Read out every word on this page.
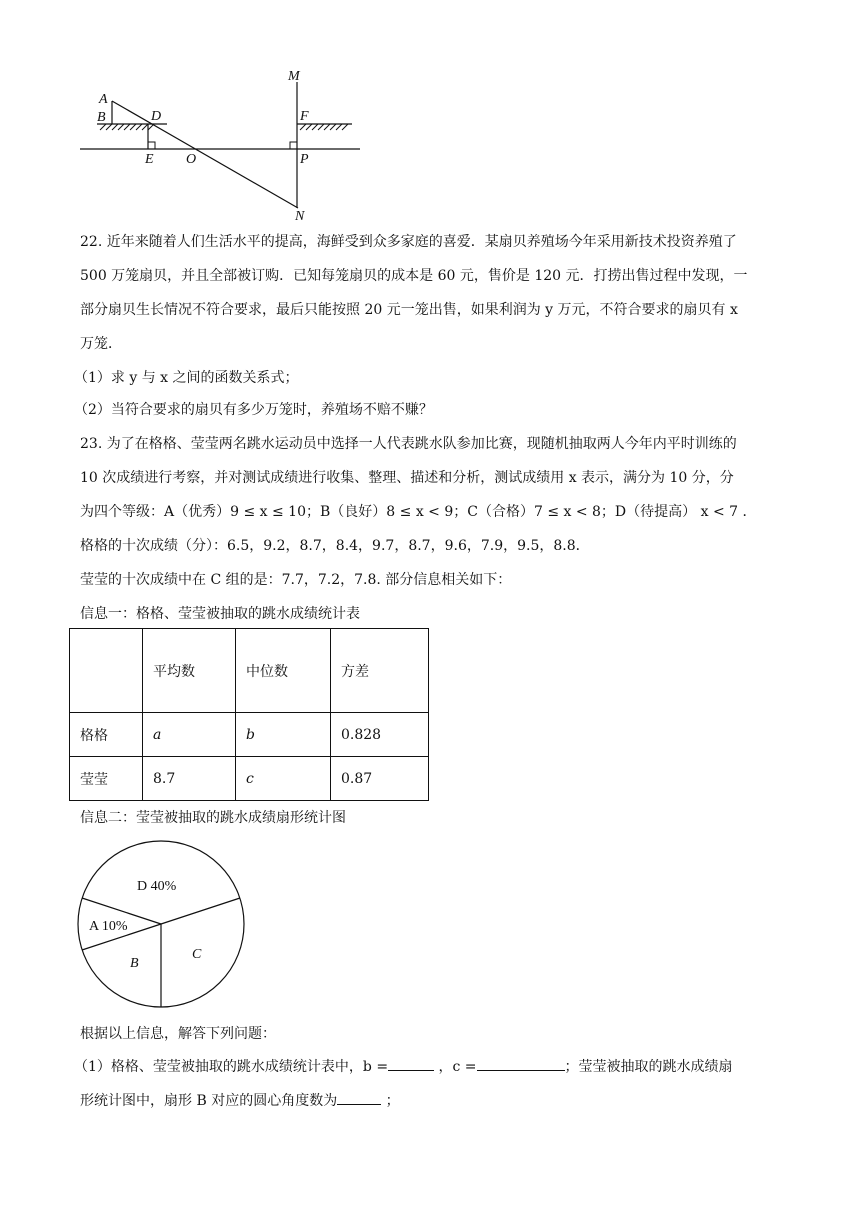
A
B	D
E O
M
F
P
N
22. 近年来随着人们生活水平的提高，海鲜受到众多家庭的喜爱．某扇贝养殖场今年采用新技术投资养殖了
500 万笼扇贝，并且全部被订购．已知每笼扇贝的成本是 60 元，售价是 120 元．打捞出售过程中发现，一
部分扇贝生长情况不符合要求，最后只能按照 20 元一笼出售，如果利润为 y 万元，不符合要求的扇贝有 x
万笼．
（1）求 y 与 x 之间的函数关系式；
（2）当符合要求的扇贝有多少万笼时，养殖场不赔不赚？
23. 为了在格格、莹莹两名跳水运动员中选择一人代表跳水队参加比赛，现随机抽取两人今年内平时训练的
10 次成绩进行考察，并对测试成绩进行收集、整理、描述和分析，测试成绩用 x 表示，满分为 10 分，分
为四个等级：A（优秀）9 ≤ x ≤ 10；B（良好）8 ≤ x < 9；C（合格）7 ≤ x < 8；D（待提高） x < 7 ．
格格的十次成绩（分）：6.5，9.2，8.7，8.4，9.7，8.7，9.6，7.9，9.5，8.8．
莹莹的十次成绩中在 C 组的是：7.7，7.2，7.8. 部分信息相关如下：
信息一：格格、莹莹被抽取的跳水成绩统计表
	平均数	中位数	方差
格格	a	b	0.828
莹莹	8.7	c	0.87
信息二：莹莹被抽取的跳水成绩扇形统计图
D 40%
A 10%
B
C
根据以上信息，解答下列问题：
（1）格格、莹莹被抽取的跳水成绩统计表中，b =	，c =	；莹莹被抽取的跳水成绩扇
形统计图中，扇形 B 对应的圆心角度数为	；
